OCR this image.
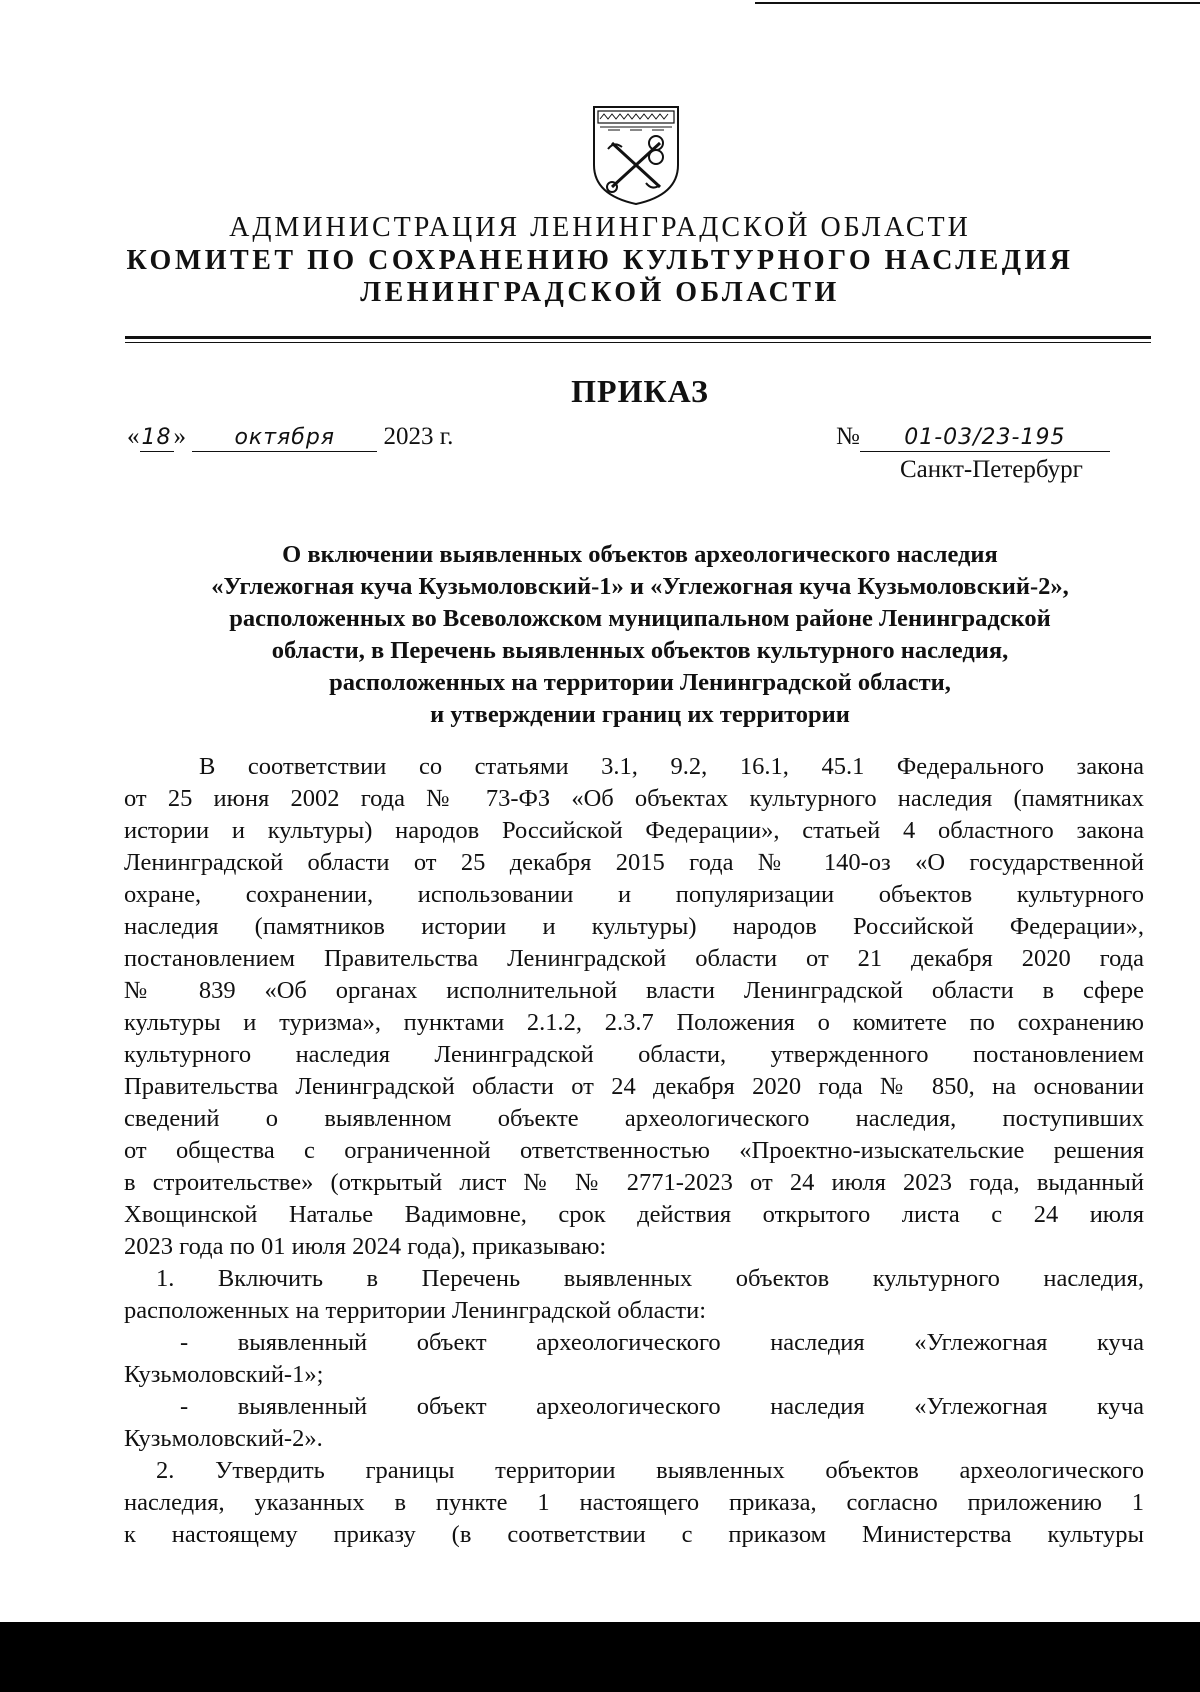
АДМИНИСТРАЦИЯ ЛЕНИНГРАДСКОЙ ОБЛАСТИ
КОМИТЕТ ПО СОХРАНЕНИЮ КУЛЬТУРНОГО НАСЛЕДИЯ
ЛЕНИНГРАДСКОЙ ОБЛАСТИ
ПРИКАЗ
«18» октября 2023 г.	№ 01-03/23-195
Санкт-Петербург
О включении выявленных объектов археологического наследия
«Углежогная куча Кузьмоловский-1» и «Углежогная куча Кузьмоловский-2»,
расположенных во Всеволожском муниципальном районе Ленинградской
области, в Перечень выявленных объектов культурного наследия,
расположенных на территории Ленинградской области,
и утверждении границ их территории
В соответствии со статьями 3.1, 9.2, 16.1, 45.1 Федерального закона
от 25 июня 2002 года № 73-ФЗ «Об объектах культурного наследия (памятниках
истории и культуры) народов Российской Федерации», статьей 4 областного закона
Ленинградской области от 25 декабря 2015 года № 140-оз «О государственной
охране, сохранении, использовании и популяризации объектов культурного
наследия (памятников истории и культуры) народов Российской Федерации»,
постановлением Правительства Ленинградской области от 21 декабря 2020 года
№ 839 «Об органах исполнительной власти Ленинградской области в сфере
культуры и туризма», пунктами 2.1.2, 2.3.7 Положения о комитете по сохранению
культурного наследия Ленинградской области, утвержденного постановлением
Правительства Ленинградской области от 24 декабря 2020 года № 850, на основании
сведений о выявленном объекте археологического наследия, поступивших
от общества с ограниченной ответственностью «Проектно-изыскательские решения
в строительстве» (открытый лист № № 2771-2023 от 24 июля 2023 года, выданный
Хвощинской Наталье Вадимовне, срок действия открытого листа с 24 июля
2023 года по 01 июля 2024 года), приказываю:
1. Включить в Перечень выявленных объектов культурного наследия,
расположенных на территории Ленинградской области:
- выявленный объект археологического наследия «Углежогная куча
Кузьмоловский-1»;
- выявленный объект археологического наследия «Углежогная куча
Кузьмоловский-2».
2. Утвердить границы территории выявленных объектов археологического
наследия, указанных в пункте 1 настоящего приказа, согласно приложению 1
к настоящему приказу (в соответствии с приказом Министерства культуры
